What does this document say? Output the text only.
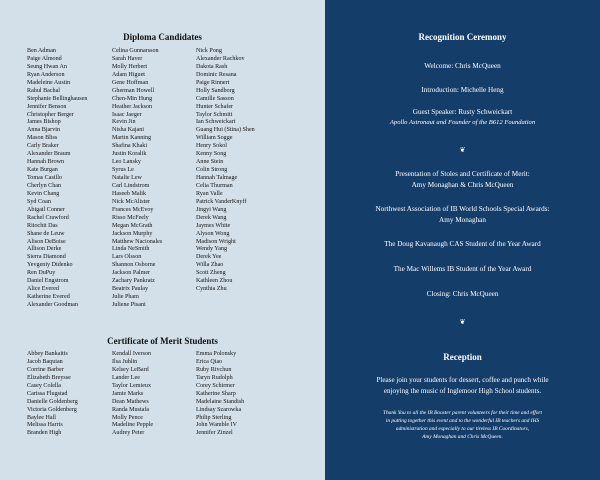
Diploma Candidates
Ben Adman
Paige Almond
Seung Hwan An
Ryan Anderson
Madeleine Austin
Rahul Bachal
Stephanie Bellinghausen
Jennifer Benson
Christopher Berger
James Bishop
Anna Bjarvin
Mason Bliss
Carly Braker
Alexander Braum
Hannah Brown
Kate Burgan
Tomas Casillo
Cherlyn Chan
Kevin Chang
Syd Coan
Abigail Conner
Rachel Crawford
Ritochit Das
Shane de Leuw
Alison DeBoise
Allison Derke
Sierra Diamond
Yevgeniy Didenko
Ren DuPuy
Daniel Engstrom
Alice Evered
Katherine Evered
Alexander Goodman
Celina Gunnarsson
Sarah Haver
Molly Herbert
Adam Higuet
Gene Hoffman
Gherman Howell
Chen-Min Hung
Heather Jackson
Isaac Jaeger
Kevin Jin
Nisha Kajani
Martin Kanning
Shafina Khaki
Justin Koralik
Leo Lansky
Syrus Le
Natalie Lew
Carl Lindstrom
Haseeb Malik
Nick McAlister
Frances McEvoy
Risso McFeely
Megan McGrath
Jackson Murphy
Matthew Nacionales
Linda NeSmith
Lars Olsson
Shannon Osborne
Jackson Palmer
Zachary Pankratz
Beatrix Paulay
Julie Pham
Juliene Pisani
Nick Pong
Alexander Rachkov
Dakota Rash
Dominic Resana
Paige Rinnert
Holly Sandborg
Camille Sasson
Hunter Schafer
Taylor Schmitt
Ian Schweickart
Guang Hui (Stina) Shen
William Sogge
Henry Sokol
Kenny Song
Anne Stein
Colin Strong
Hannah Talmage
Celia Thurman
Ryan Valle
Patrick VanderKnyff
Jingyi Wang
Derek Wang
Jaymes White
Alyson Wong
Madison Wright
Wendy Yang
Derek Yee
Willa Zhao
Scott Zheng
Kathleen Zhou
Cynthia Zhu
Certificate of Merit Students
Abbey Bankaitis
Jacob Baquian
Corrine Barber
Elizabeth Breysse
Casey Colella
Carissa Flugstad
Danielle Goldenberg
Victoria Goldenberg
Baylee Hall
Melissa Harris
Branden High
Kendall Iverson
Ilsa Juhlin
Kelsey LeBard
Lander Lee
Taylor Lemieux
Jamie Marks
Dean Mathews
Randa Mustafa
Molly Pence
Madeline Pepple
Audrey Peter
Emma Polonsky
Erica Qiao
Ruby Rivchun
Taryn Rudolph
Corey Schirmer
Katherine Sharp
Madelaine Standish
Lindsay Szarowka
Philip Sterling
John Wamble IV
Jennifer Zinzel
Recognition Ceremony
Welcome: Chris McQueen
Introduction: Michelle Heng
Guest Speaker: Rusty Schweickart
Apollo Astronaut and Founder of the B612 Foundation
❦
Presentation of Stoles and Certificate of Merit:
Amy Monaghan & Chris McQueen
Northwest Association of IB World Schools Special Awards:
Amy Monaghan
The Doug Kavanaugh CAS Student of the Year Award
The Mac Willems IB Student of the Year Award
Closing: Chris McQueen
❦
Reception
Please join your students for dessert, coffee and punch while
enjoying the music of Inglemoor High School students.
Thank You to all the IB Booster parent volunteers for their time and effort
in putting together this event and to the wonderful IB teachers and IHS
administration and especially to our tireless IB Coordinators,
Amy Monaghan and Chris McQueen.
